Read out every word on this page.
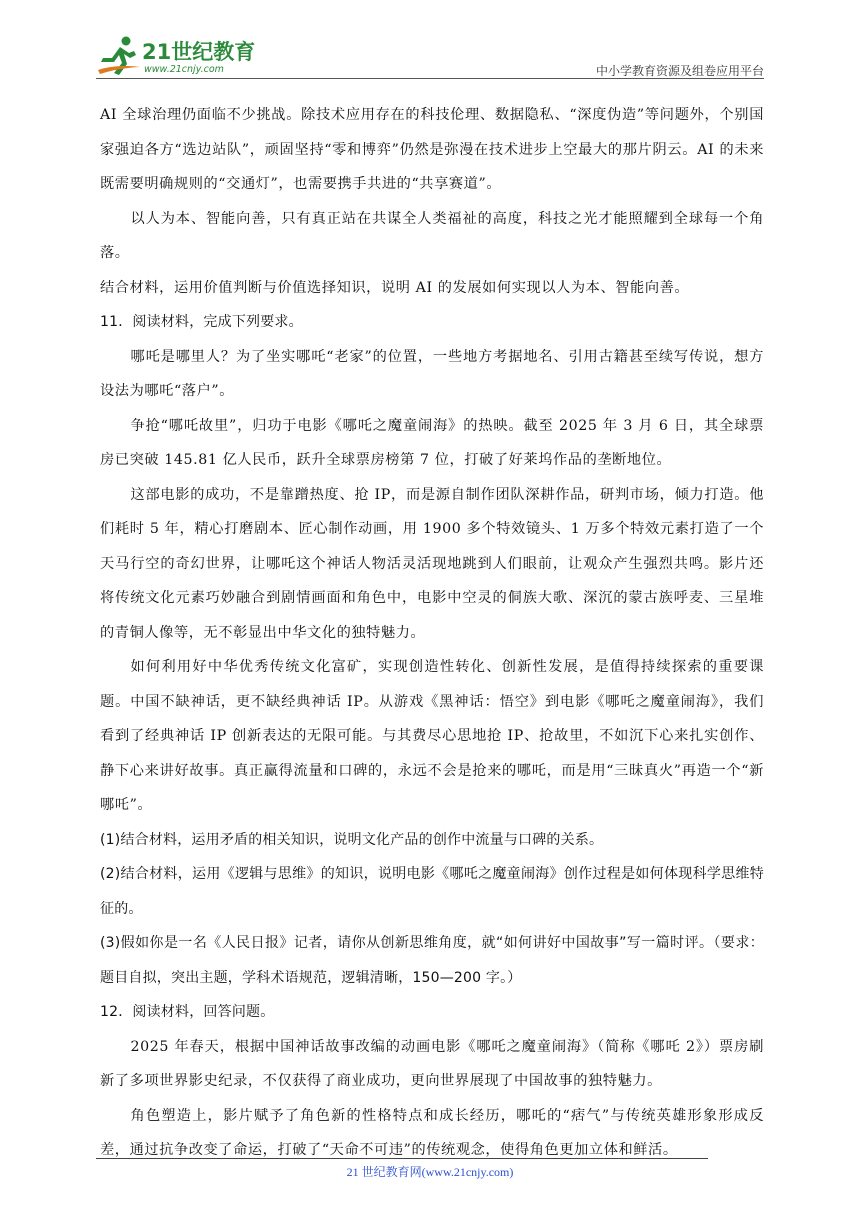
21世纪教育
www.21cnjy.com	中小学教育资源及组卷应用平台

AI 全球治理仍面临不少挑战。除技术应用存在的科技伦理、数据隐私、“深度伪造”等问题外，个别国家强迫各方“选边站队”，顽固坚持“零和博弈”仍然是弥漫在技术进步上空最大的那片阴云。AI 的未来既需要明确规则的“交通灯”，也需要携手共进的“共享赛道”。

以人为本、智能向善，只有真正站在共谋全人类福祉的高度，科技之光才能照耀到全球每一个角落。

结合材料，运用价值判断与价值选择知识，说明 AI 的发展如何实现以人为本、智能向善。

11．阅读材料，完成下列要求。

哪吒是哪里人？为了坐实哪吒“老家”的位置，一些地方考据地名、引用古籍甚至续写传说，想方设法为哪吒“落户”。

争抢“哪吒故里”，归功于电影《哪吒之魔童闹海》的热映。截至 2025 年 3 月 6 日，其全球票房已突破 145.81 亿人民币，跃升全球票房榜第 7 位，打破了好莱坞作品的垄断地位。

这部电影的成功，不是靠蹭热度、抢 IP，而是源自制作团队深耕作品，研判市场，倾力打造。他们耗时 5 年，精心打磨剧本、匠心制作动画，用 1900 多个特效镜头、1 万多个特效元素打造了一个天马行空的奇幻世界，让哪吒这个神话人物活灵活现地跳到人们眼前，让观众产生强烈共鸣。影片还将传统文化元素巧妙融合到剧情画面和角色中，电影中空灵的侗族大歌、深沉的蒙古族呼麦、三星堆的青铜人像等，无不彰显出中华文化的独特魅力。

如何利用好中华优秀传统文化富矿，实现创造性转化、创新性发展，是值得持续探索的重要课题。中国不缺神话，更不缺经典神话 IP。从游戏《黑神话：悟空》到电影《哪吒之魔童闹海》，我们看到了经典神话 IP 创新表达的无限可能。与其费尽心思地抢 IP、抢故里，不如沉下心来扎实创作、静下心来讲好故事。真正赢得流量和口碑的，永远不会是抢来的哪吒，而是用“三昧真火”再造一个“新哪吒”。

(1)结合材料，运用矛盾的相关知识，说明文化产品的创作中流量与口碑的关系。

(2)结合材料，运用《逻辑与思维》的知识，说明电影《哪吒之魔童闹海》创作过程是如何体现科学思维特征的。

(3)假如你是一名《人民日报》记者，请你从创新思维角度，就“如何讲好中国故事”写一篇时评。（要求：题目自拟，突出主题，学科术语规范，逻辑清晰，150—200 字。）

12．阅读材料，回答问题。

2025 年春天，根据中国神话故事改编的动画电影《哪吒之魔童闹海》（简称《哪吒 2》）票房刷新了多项世界影史纪录，不仅获得了商业成功，更向世界展现了中国故事的独特魅力。

角色塑造上，影片赋予了角色新的性格特点和成长经历，哪吒的“痞气”与传统英雄形象形成反差，通过抗争改变了命运，打破了“天命不可违”的传统观念，使得角色更加立体和鲜活。

21 世纪教育网(www.21cnjy.com)
